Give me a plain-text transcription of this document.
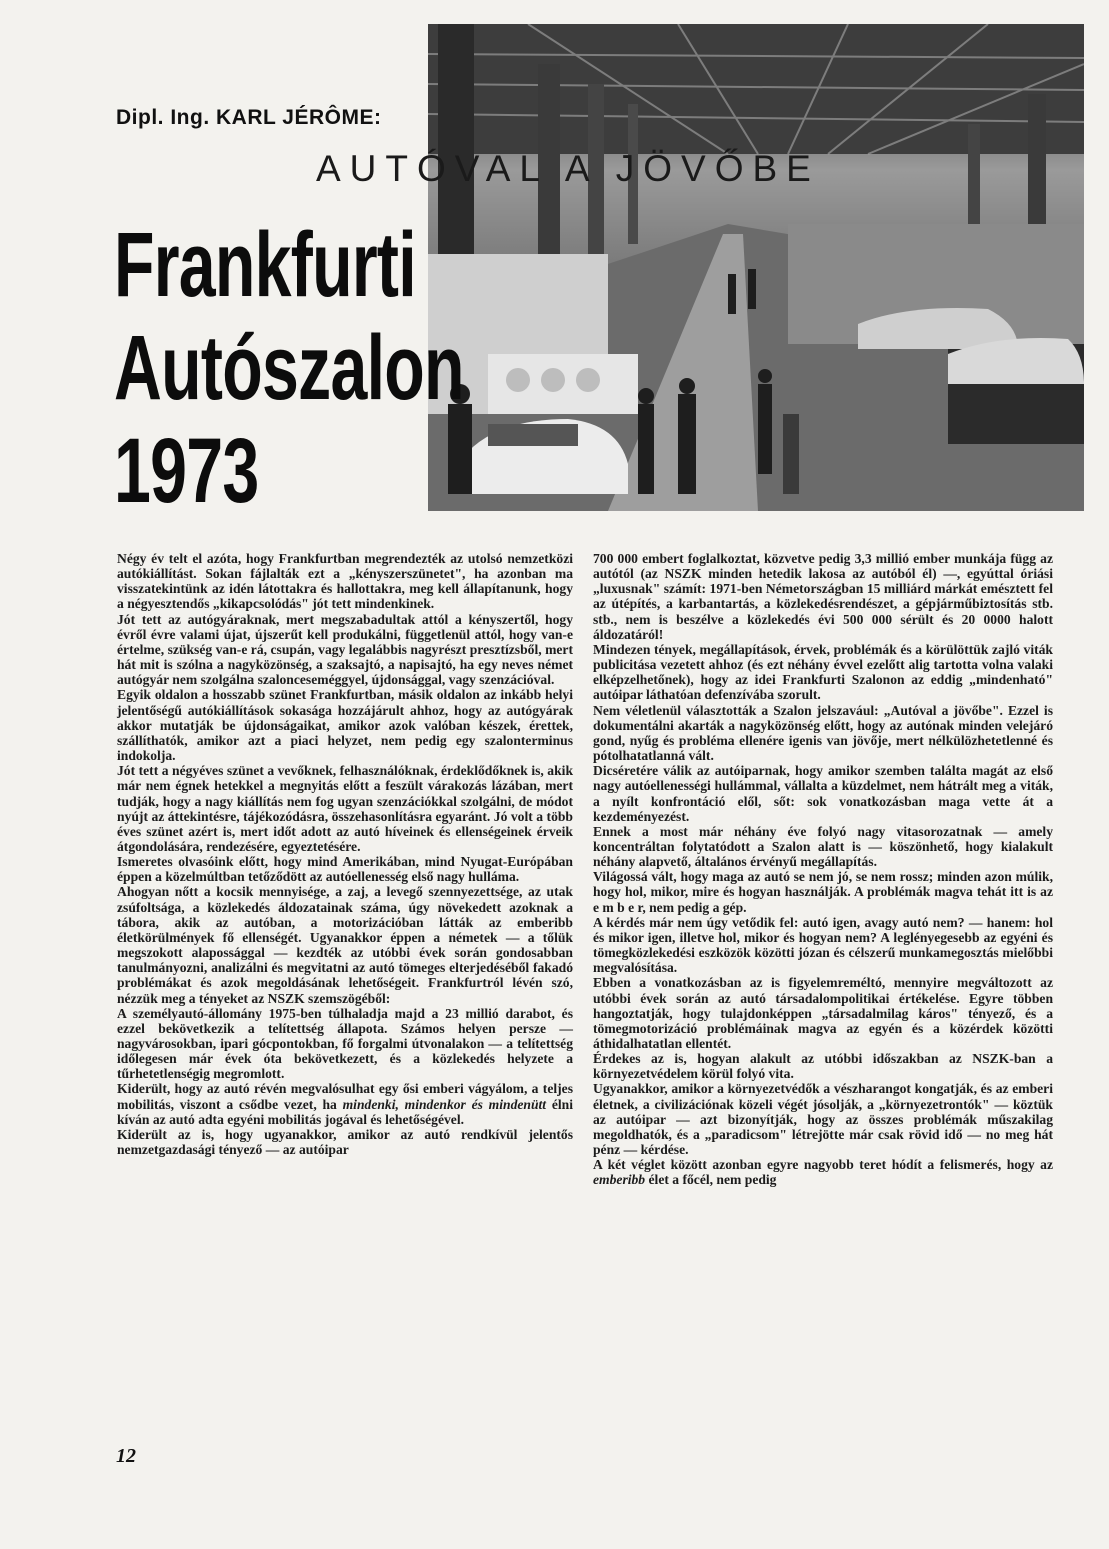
Dipl. Ing. KARL JÉRÔME:
AUTÓVAL A JÖVŐBE
Frankfurti
Autószalon
1973

Négy év telt el azóta, hogy Frankfurtban megrendezték az utolsó nemzetközi autókiállítást. Sokan fájlalták ezt a „kényszerszünetet", ha azonban ma visszatekintünk az idén látottakra és hallottakra, meg kell állapítanunk, hogy a négyesztendős „kikapcsolódás" jót tett mindenkinek.

Jót tett az autógyáraknak, mert megszabadultak attól a kényszertől, hogy évről évre valami újat, újszerűt kell produkálni, függetlenül attól, hogy van-e értelme, szükség van-e rá, csupán, vagy legalábbis nagyrészt presztízsből, mert hát mit is szólna a nagyközönség, a szaksajtó, a napisajtó, ha egy neves német autógyár nem szolgálna szalonceseméggyel, újdonsággal, vagy szenzációval.

Egyik oldalon a hosszabb szünet Frankfurtban, másik oldalon az inkább helyi jelentőségű autókiállítások sokasága hozzájárult ahhoz, hogy az autógyárak akkor mutatják be újdonságaikat, amikor azok valóban készek, érettek, szállíthatók, amikor azt a piaci helyzet, nem pedig egy szalonterminus indokolja.

Jót tett a négyéves szünet a vevőknek, felhasználóknak, érdeklődőknek is, akik már nem égnek hetekkel a megnyitás előtt a feszült várakozás lázában, mert tudják, hogy a nagy kiállítás nem fog ugyan szenzációkkal szolgálni, de módot nyújt az áttekintésre, tájékozódásra, összehasonlításra egyaránt. Jó volt a több éves szünet azért is, mert időt adott az autó híveinek és ellenségeinek érveik átgondolására, rendezésére, egyeztetésére.

Ismeretes olvasóink előtt, hogy mind Amerikában, mind Nyugat-Európában éppen a közelmúltban tetőződött az autóellenesség első nagy hulláma.

Ahogyan nőtt a kocsik mennyisége, a zaj, a levegő szennyezettsége, az utak zsúfoltsága, a közlekedés áldozatainak száma, úgy növekedett azoknak a tábora, akik az autóban, a motorizációban látták az emberibb életkörülmények fő ellenségét. Ugyanakkor éppen a németek — a tőlük megszokott alapossággal — kezdték az utóbbi évek során gondosabban tanulmányozni, analizálni és megvitatni az autó tömeges elterjedéséből fakadó problémákat és azok megoldásának lehetőségeit. Frankfurtról lévén szó, nézzük meg a tényeket az NSZK szemszögéből:

A személyautó-állomány 1975-ben túlhaladja majd a 23 millió darabot, és ezzel bekövetkezik a telítettség állapota. Számos helyen persze — nagyvárosokban, ipari gócpontokban, fő forgalmi útvonalakon — a telítettség időlegesen már évek óta bekövetkezett, és a közlekedés helyzete a tűrhetetlenségig megromlott.

Kiderült, hogy az autó révén megvalósulhat egy ősi emberi vágyálom, a teljes mobilitás, viszont a csődbe vezet, ha mindenki, mindenkor és mindenütt élni kíván az autó adta egyéni mobilitás jogával és lehetőségével.

Kiderült az is, hogy ugyanakkor, amikor az autó rendkívül jelentős nemzetgazdasági tényező — az autóipar

700 000 embert foglalkoztat, közvetve pedig 3,3 millió ember munkája függ az autótól (az NSZK minden hetedik lakosa az autóból él) —, egyúttal óriási „luxusnak" számít: 1971-ben Németországban 15 milliárd márkát emésztett fel az útépítés, a karbantartás, a közlekedésrendészet, a gépjárműbiztosítás stb. stb., nem is beszélve a közlekedés évi 500 000 sérült és 20 0000 halott áldozatáról!

Mindezen tények, megállapítások, érvek, problémák és a körülöttük zajló viták publicitása vezetett ahhoz (és ezt néhány évvel ezelőtt alig tartotta volna valaki elképzelhetőnek), hogy az idei Frankfurti Szalonon az eddig „mindenható" autóipar láthatóan defenzívába szorult.

Nem véletlenül választották a Szalon jelszavául: „Autóval a jövőbe". Ezzel is dokumentálni akarták a nagyközönség előtt, hogy az autónak minden velejáró gond, nyűg és probléma ellenére igenis van jövője, mert nélkülözhetetlenné és pótolhatatlanná vált.

Dicséretére válik az autóiparnak, hogy amikor szemben találta magát az első nagy autóellenességi hullámmal, vállalta a küzdelmet, nem hátrált meg a viták, a nyílt konfrontáció elől, sőt: sok vonatkozásban maga vette át a kezdeményezést.

Ennek a most már néhány éve folyó nagy vitasorozatnak — amely koncentráltan folytatódott a Szalon alatt is — köszönhető, hogy kialakult néhány alapvető, általános érvényű megállapítás.

Világossá vált, hogy maga az autó se nem jó, se nem rossz; minden azon múlik, hogy hol, mikor, mire és hogyan használják. A problémák magva tehát itt is az e m b e r, nem pedig a gép.

A kérdés már nem úgy vetődik fel: autó igen, avagy autó nem? — hanem: hol és mikor igen, illetve hol, mikor és hogyan nem? A leglényegesebb az egyéni és tömegközlekedési eszközök közötti józan és célszerű munkamegosztás mielőbbi megvalósítása.

Ebben a vonatkozásban az is figyelemreméltó, mennyire megváltozott az utóbbi évek során az autó társadalompolitikai értékelése. Egyre többen hangoztatják, hogy tulajdonképpen „társadalmilag káros" tényező, és a tömegmotorizáció problémáinak magva az egyén és a közérdek közötti áthidalhatatlan ellentét.

Érdekes az is, hogyan alakult az utóbbi időszakban az NSZK-ban a környezetvédelem körül folyó vita.

Ugyanakkor, amikor a környezetvédők a vészharangot kongatják, és az emberi életnek, a civilizációnak közeli végét jósolják, a „környezetrontók" — köztük az autóipar — azt bizonyítják, hogy az összes problémák műszakilag megoldhatók, és a „paradicsom" létrejötte már csak rövid idő — no meg hát pénz — kérdése.

A két véglet között azonban egyre nagyobb teret hódít a felismerés, hogy az emberibb élet a főcél, nem pedig

12
